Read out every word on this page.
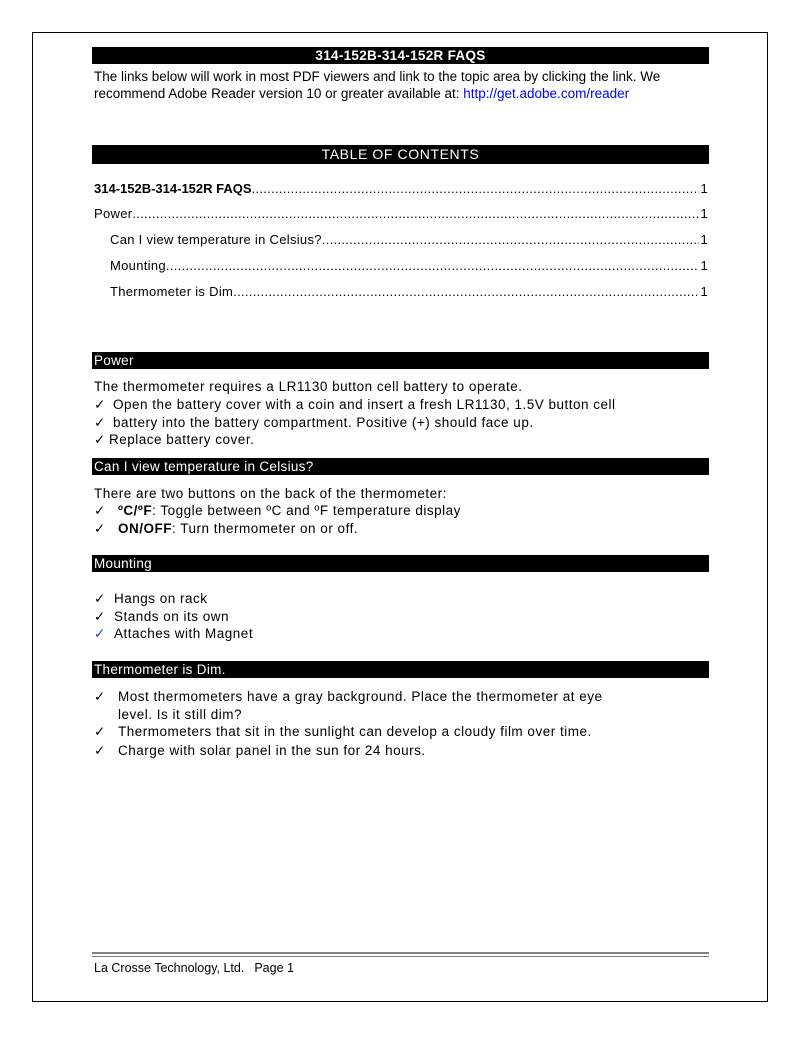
314-152B-314-152R FAQS
The links below will work in most PDF viewers and link to the topic area by clicking the link. We recommend Adobe Reader version 10 or greater available at: http://get.adobe.com/reader
TABLE OF CONTENTS
314-152B-314-152R FAQS .....	1
Power .....	1
Can I view temperature in Celsius? .....	1
Mounting .....	1
Thermometer is Dim. .....	1
Power
The thermometer requires a LR1130 button cell battery to operate.
✓ Open the battery cover with a coin and insert a fresh LR1130, 1.5V button cell
✓ battery into the battery compartment. Positive (+) should face up.
✓ Replace battery cover.
Can I view temperature in Celsius?
There are two buttons on the back of the thermometer:
✓ ºC/ºF: Toggle between ºC and ºF temperature display
✓ ON/OFF: Turn thermometer on or off.
Mounting
✓ Hangs on rack
✓ Stands on its own
✓ Attaches with Magnet
Thermometer is Dim.
✓ Most thermometers have a gray background. Place the thermometer at eye
level. Is it still dim?
✓ Thermometers that sit in the sunlight can develop a cloudy film over time.
✓ Charge with solar panel in the sun for 24 hours.
La Crosse Technology, Ltd. Page 1
